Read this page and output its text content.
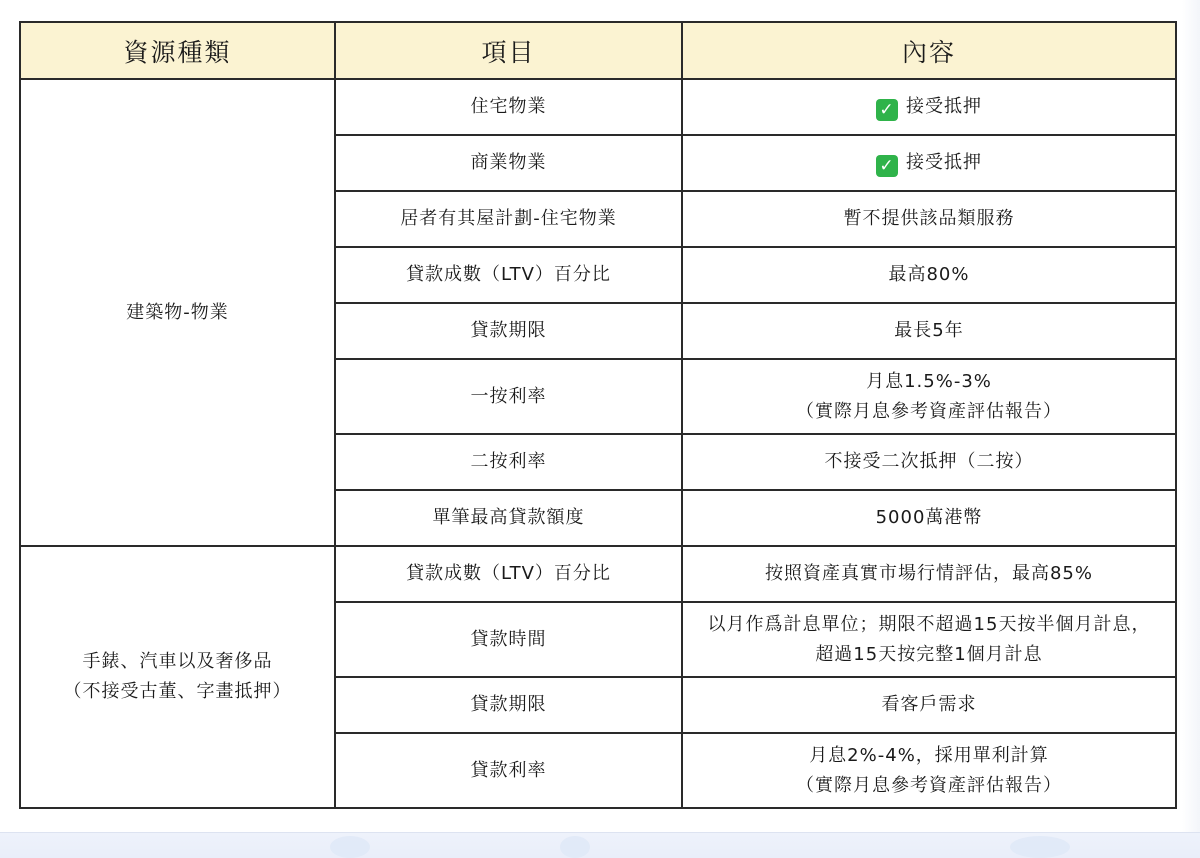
資源種類	項目	內容
建築物-物業	住宅物業	✓ 接受抵押
	商業物業	✓ 接受抵押
	居者有其屋計劃-住宅物業	暫不提供該品類服務
	貸款成數（LTV）百分比	最高80%
	貸款期限	最長5年
	一按利率	月息1.5%-3%
（實際月息參考資產評估報告）

	二按利率	不接受二次抵押（二按）
	單筆最高貸款額度	5000萬港幣

手錶、汽車以及奢侈品
（不接受古董、字畫抵押）	貸款成數（LTV）百分比	按照資產真實市場行情評估，最高85%
	貸款時間	以月作爲計息單位；期限不超過15天按半個月計息，
超過15天按完整1個月計息

	貸款期限	看客戶需求
	貸款利率	月息2%-4%，採用單利計算
（實際月息參考資產評估報告）
